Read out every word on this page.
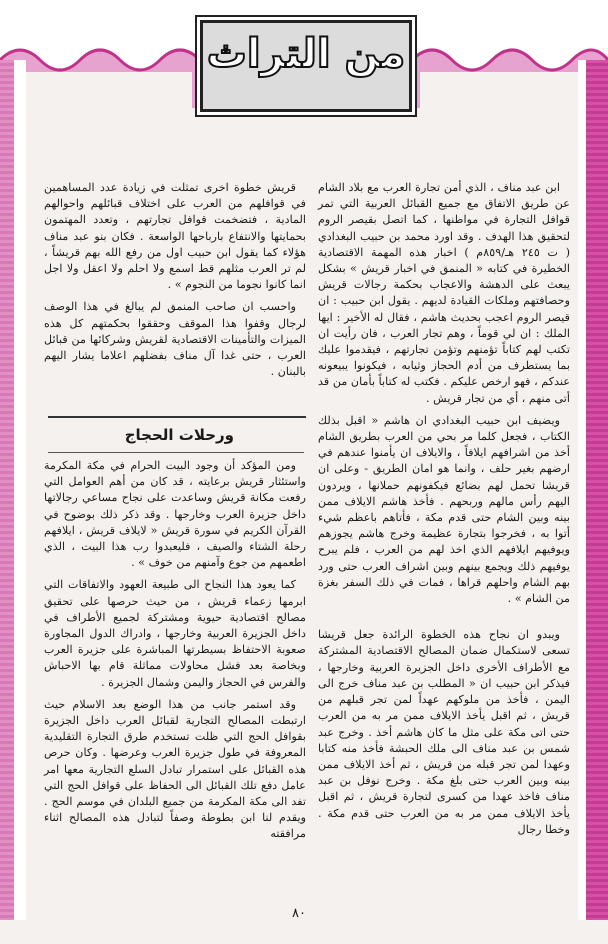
من التراث

ابن عبد مناف ، الذي أمن تجارة العرب مع بلاد الشام عن طريق الاتفاق مع جميع القبائل العربية التي تمر قوافل التجارة في مواطنها ، كما اتصل بقيصر الروم لتحقيق هذا الهدف . وقد اورد محمد بن حبيب البغدادي ( ت ٢٤٥ هـ/٨٥٩م ) اخبار هذه المهمة الاقتصادية الخطيرة في كتابه « المنمق في اخبار قريش » بشكل يبعث على الدهشة والاعجاب بحكمة رجالات قريش وحصافتهم وملكات القيادة لديهم . يقول ابن حبيب : ان قيصر الروم اعجب بحديث هاشم ، فقال له الأخير : ايها الملك : ان لي قوماً ، وهم تجار العرب ، فان رأيت ان تكتب لهم كتاباً تؤمنهم وتؤمن تجارتهم ، فيقدموا عليك بما يستطرف من أدم الحجاز وثيابه ، فيكونوا يبيعونه عندكم ، فهو ارخص عليكم . فكتب له كتاباً بأمان من قد أتى منهم ، أي من تجار قريش .

ويضيف ابن حبيب البغدادي ان هاشم « اقبل بذلك الكتاب ، فجعل كلما مر بحي من العرب بطريق الشام أخذ من اشرافهم ايلافاً ، والايلاف ان يأمنوا عندهم في ارضهم بغير حلف ، وانما هو امان الطريق - وعلى ان قريشا تحمل لهم بضائع فيكفونهم حملانها ، ويردون اليهم رأس مالهم وربحهم . فأخذ هاشم الايلاف ممن بينه وبين الشام حتى قدم مكة ، فأتاهم باعظم شيء أتوا به ، فخرجوا بتجارة عظيمة وخرج هاشم يجوزهم ويوفيهم ايلافهم الذي اخذ لهم من العرب ، فلم يبرح يوفيهم ذلك ويجمع بينهم وبين اشراف العرب حتى ورد بهم الشام واحلهم قراها ، فمات في ذلك السفر بغزة من الشام » .

ويبدو ان نجاح هذه الخطوة الرائدة جعل قريشا تسعى لاستكمال ضمان المصالح الاقتصادية المشتركة مع الأطراف الأخرى داخل الجزيرة العربية وخارجها ، فيذكر ابن حبيب ان « المطلب بن عبد مناف خرج الى اليمن ، فأخذ من ملوكهم عهداً لمن تجر قبلهم من قريش ، ثم اقبل يأخذ الايلاف ممن مر به من العرب حتى اتى مكة على مثل ما كان هاشم أخذ . وخرج عبد شمس بن عبد مناف الى ملك الحبشة فأخذ منه كتابا وعهدا لمن تجر قبله من قريش ، ثم أخذ الايلاف ممن بينه وبين العرب حتى بلغ مكة . وخرج نوفل بن عبد مناف فاخذ عهدا من كسرى لتجارة قريش ، ثم اقبل يأخذ الايلاف ممن مر به من العرب حتى قدم مكة . وخطا رجال

قريش خطوة اخرى تمثلت في زيادة عدد المساهمين في قوافلهم من العرب على اختلاف قبائلهم واحوالهم المادية ، فتضخمت قوافل تجارتهم ، وتعدد المهتمون بحمايتها والانتفاع بارباحها الواسعة . فكان بنو عبد مناف هؤلاء كما يقول ابن حبيب اول من رفع الله بهم قريشاً ، لم تر العرب مثلهم قط اسمع ولا احلم ولا اعقل ولا اجل انما كانوا نجوما من النجوم » .

واحسب ان صاحب المنمق لم يبالغ في هذا الوصف لرجال وقفوا هذا الموقف وحققوا بحكمتهم كل هذه الميزات والتأمينات الاقتصادية لقريش وشركائها من قبائل العرب ، حتى غدا آل مناف بفضلهم اعلاما يشار اليهم بالبنان .

ورحلات الحجاج

ومن المؤكد أن وجود البيت الحرام في مكة المكرمة واستئثار قريش برعايته ، قد كان من أهم العوامل التي رفعت مكانة قريش وساعدت على نجاح مساعي رجالاتها داخل جزيرة العرب وخارجها . وقد ذكر ذلك بوضوح في القرآن الكريم في سورة قريش « لايلاف قريش ، ايلافهم رحلة الشتاء والصيف ، فليعبدوا رب هذا البيت ، الذي اطعمهم من جوع وآمنهم من خوف » .

كما يعود هذا النجاح الى طبيعة العهود والاتفاقات التي ابرمها زعماء قريش ، من حيث حرصها على تحقيق مصالح اقتصادية حيوية ومشتركة لجميع الأطراف في داخل الجزيرة العربية وخارجها ، وادراك الدول المجاورة صعوبة الاحتفاظ بسيطرتها المباشرة على جزيرة العرب وبخاصة بعد فشل محاولات مماثلة قام بها الاحباش والفرس في الحجاز واليمن وشمال الجزيرة .

وقد استمر جانب من هذا الوضع بعد الاسلام حيث ارتبطت المصالح التجارية لقبائل العرب داخل الجزيرة بقوافل الحج التي ظلت تستخدم طرق التجارة التقليدية المعروفة في طول جزيرة العرب وعرضها . وكان حرص هذه القبائل على استمرار تبادل السلع التجارية معها امر عامل دفع تلك القبائل الى الحفاظ على قوافل الحج التي تفد الى مكة المكرمة من جميع البلدان في موسم الحج . ويقدم لنا ابن بطوطة وصفاً لتبادل هذه المصالح اثناء مرافقته

٨٠
